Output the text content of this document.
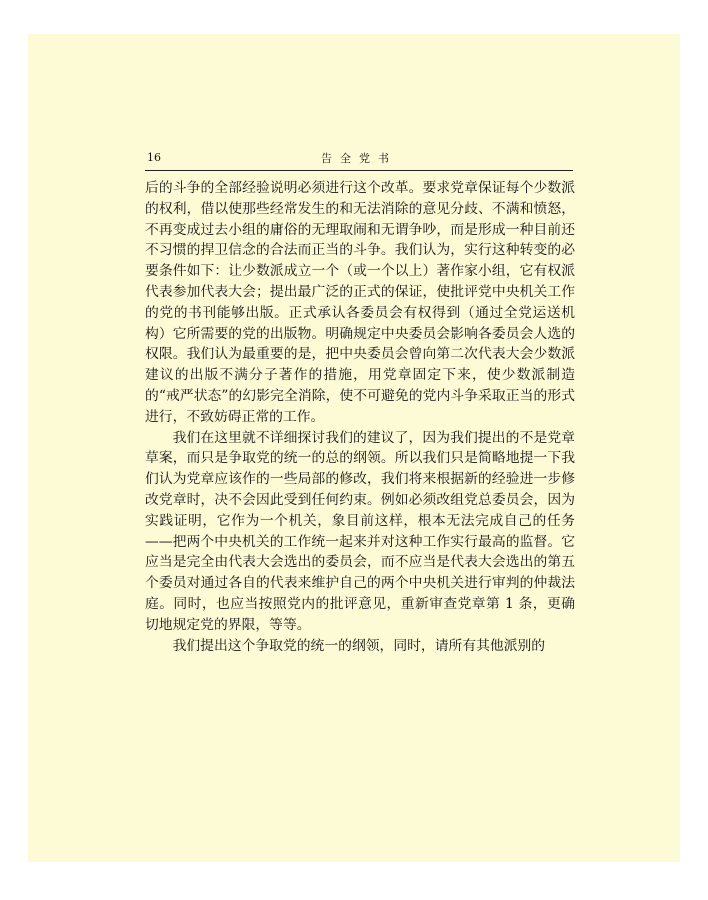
16	告全党书

后的斗争的全部经验说明必须进行这个改革。要求党章保证每个少数派的权利，借以使那些经常发生的和无法消除的意见分歧、不满和愤怒，不再变成过去小组的庸俗的无理取闹和无谓争吵，而是形成一种目前还不习惯的捍卫信念的合法而正当的斗争。我们认为，实行这种转变的必要条件如下：让少数派成立一个（或一个以上）著作家小组，它有权派代表参加代表大会；提出最广泛的正式的保证，使批评党中央机关工作的党的书刊能够出版。正式承认各委员会有权得到（通过全党运送机构）它所需要的党的出版物。明确规定中央委员会影响各委员会人选的权限。我们认为最重要的是，把中央委员会曾向第二次代表大会少数派建议的出版不满分子著作的措施，用党章固定下来，使少数派制造的“戒严状态”的幻影完全消除，使不可避免的党内斗争采取正当的形式进行，不致妨碍正常的工作。

我们在这里就不详细探讨我们的建议了，因为我们提出的不是党章草案，而只是争取党的统一的总的纲领。所以我们只是简略地提一下我们认为党章应该作的一些局部的修改，我们将来根据新的经验进一步修改党章时，决不会因此受到任何约束。例如必须改组党总委员会，因为实践证明，它作为一个机关，象目前这样，根本无法完成自己的任务——把两个中央机关的工作统一起来并对这种工作实行最高的监督。它应当是完全由代表大会选出的委员会，而不应当是代表大会选出的第五个委员对通过各自的代表来维护自己的两个中央机关进行审判的仲裁法庭。同时，也应当按照党内的批评意见，重新审查党章第 1 条，更确切地规定党的界限，等等。

我们提出这个争取党的统一的纲领，同时，请所有其他派别的
